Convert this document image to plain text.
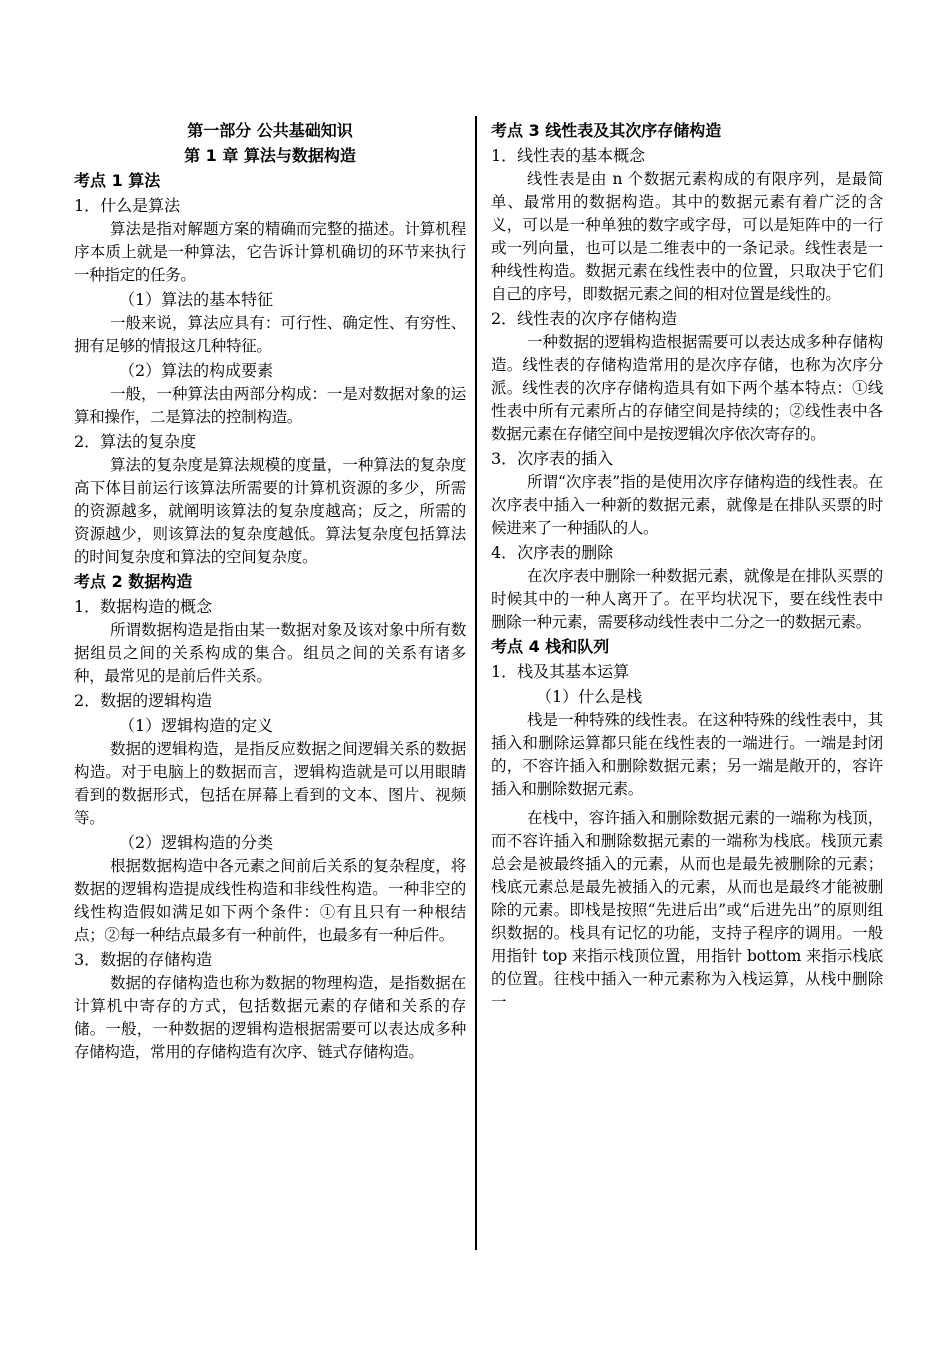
第一部分 公共基础知识
第 1 章 算法与数据构造
考点 1 算法
1．什么是算法

算法是指对解题方案的精确而完整的描述。计算机程序本质上就是一种算法，它告诉计算机确切的环节来执行一种指定的任务。

（1）算法的基本特征

一般来说，算法应具有：可行性、确定性、有穷性、拥有足够的情报这几种特征。

（2）算法的构成要素

一般，一种算法由两部分构成：一是对数据对象的运算和操作，二是算法的控制构造。

2．算法的复杂度

算法的复杂度是算法规模的度量，一种算法的复杂度高下体目前运行该算法所需要的计算机资源的多少，所需的资源越多，就阐明该算法的复杂度越高；反之，所需的资源越少，则该算法的复杂度越低。算法复杂度包括算法的时间复杂度和算法的空间复杂度。

考点 2 数据构造
1．数据构造的概念

所谓数据构造是指由某一数据对象及该对象中所有数据组员之间的关系构成的集合。组员之间的关系有诸多种，最常见的是前后件关系。

2．数据的逻辑构造
（1）逻辑构造的定义

数据的逻辑构造，是指反应数据之间逻辑关系的数据构造。对于电脑上的数据而言，逻辑构造就是可以用眼睛看到的数据形式，包括在屏幕上看到的文本、图片、视频等。

（2）逻辑构造的分类

根据数据构造中各元素之间前后关系的复杂程度，将数据的逻辑构造提成线性构造和非线性构造。一种非空的线性构造假如满足如下两个条件：①有且只有一种根结点；②每一种结点最多有一种前件，也最多有一种后件。

3．数据的存储构造

数据的存储构造也称为数据的物理构造，是指数据在计算机中寄存的方式，包括数据元素的存储和关系的存储。一般，一种数据的逻辑构造根据需要可以表达成多种存储构造，常用的存储构造有次序、链式存储构造。

考点 3 线性表及其次序存储构造
1．线性表的基本概念

线性表是由 n 个数据元素构成的有限序列，是最简单、最常用的数据构造。其中的数据元素有着广泛的含义，可以是一种单独的数字或字母，可以是矩阵中的一行或一列向量，也可以是二维表中的一条记录。线性表是一种线性构造。数据元素在线性表中的位置，只取决于它们自己的序号，即数据元素之间的相对位置是线性的。

2．线性表的次序存储构造

一种数据的逻辑构造根据需要可以表达成多种存储构造。线性表的存储构造常用的是次序存储，也称为次序分派。线性表的次序存储构造具有如下两个基本特点：①线性表中所有元素所占的存储空间是持续的；②线性表中各数据元素在存储空间中是按逻辑次序依次寄存的。

3．次序表的插入

所谓“次序表”指的是使用次序存储构造的线性表。在次序表中插入一种新的数据元素，就像是在排队买票的时候进来了一种插队的人。

4．次序表的删除

在次序表中删除一种数据元素，就像是在排队买票的时候其中的一种人离开了。在平均状况下，要在线性表中删除一种元素，需要移动线性表中二分之一的数据元素。

考点 4 栈和队列
1．栈及其基本运算
（1）什么是栈

栈是一种特殊的线性表。在这种特殊的线性表中，其插入和删除运算都只能在线性表的一端进行。一端是封闭的，不容许插入和删除数据元素；另一端是敞开的，容许插入和删除数据元素。

在栈中，容许插入和删除数据元素的一端称为栈顶，而不容许插入和删除数据元素的一端称为栈底。栈顶元素总会是被最终插入的元素，从而也是最先被删除的元素；栈底元素总是最先被插入的元素，从而也是最终才能被删除的元素。即栈是按照“先进后出”或“后进先出”的原则组织数据的。栈具有记忆的功能，支持子程序的调用。一般用指针 top 来指示栈顶位置，用指针 bottom 来指示栈底的位置。往栈中插入一种元素称为入栈运算，从栈中删除一
